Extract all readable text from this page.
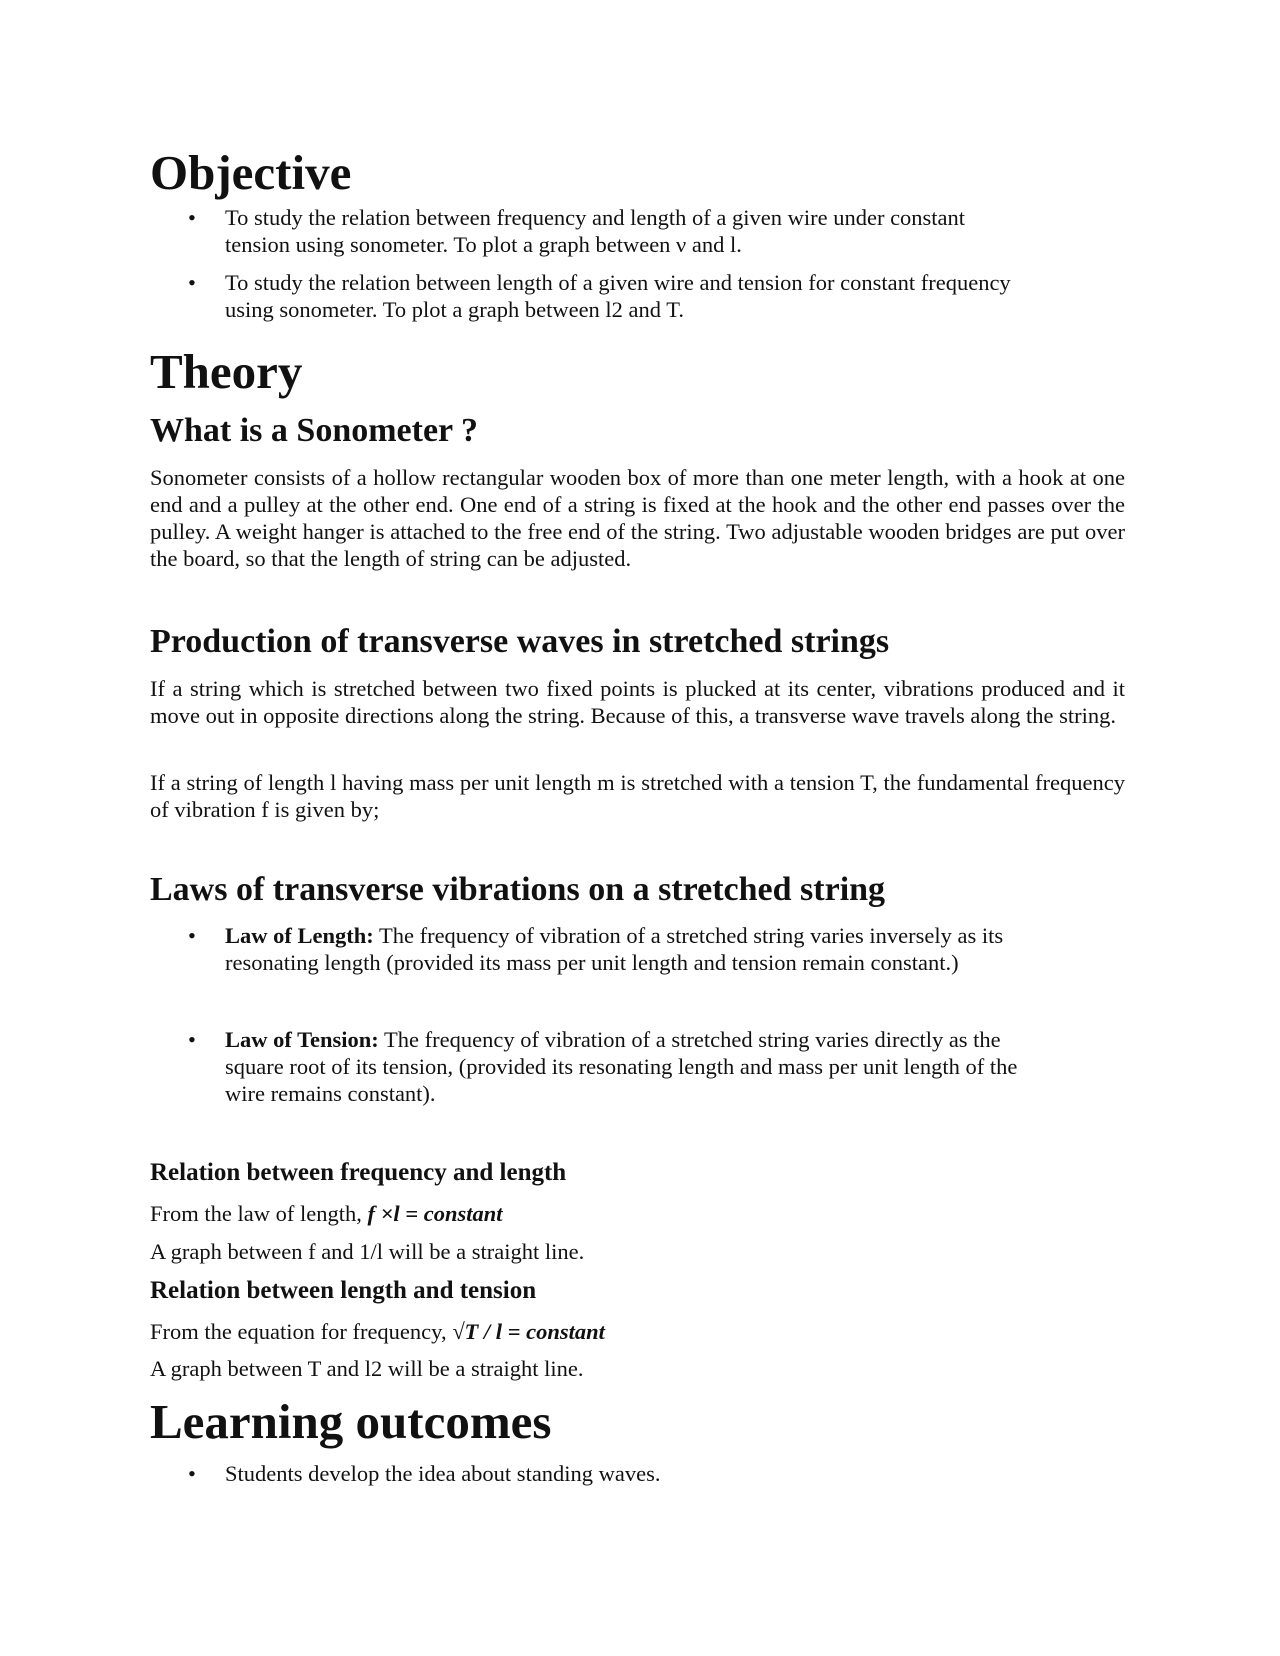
Objective
• To study the relation between frequency and length of a given wire under constant tension using sonometer. To plot a graph between ν and l.
• To study the relation between length of a given wire and tension for constant frequency using sonometer. To plot a graph between l2 and T.
Theory
What is a Sonometer ?

Sonometer consists of a hollow rectangular wooden box of more than one meter length, with a hook at one end and a pulley at the other end. One end of a string is fixed at the hook and the other end passes over the pulley. A weight hanger is attached to the free end of the string. Two adjustable wooden bridges are put over the board, so that the length of string can be adjusted.

Production of transverse waves in stretched strings

If a string which is stretched between two fixed points is plucked at its center, vibrations produced and it move out in opposite directions along the string. Because of this, a transverse wave travels along the string.

If a string of length l having mass per unit length m is stretched with a tension T, the fundamental frequency of vibration f is given by;

Laws of transverse vibrations on a stretched string
• Law of Length: The frequency of vibration of a stretched string varies inversely as its resonating length (provided its mass per unit length and tension remain constant.)
• Law of Tension: The frequency of vibration of a stretched string varies directly as the square root of its tension, (provided its resonating length and mass per unit length of the wire remains constant).
Relation between frequency and length

From the law of length, f ×l = constant

A graph between f and 1/l will be a straight line.

Relation between length and tension

From the equation for frequency, √T / l = constant

A graph between T and l2 will be a straight line.

Learning outcomes
• Students develop the idea about standing waves.
